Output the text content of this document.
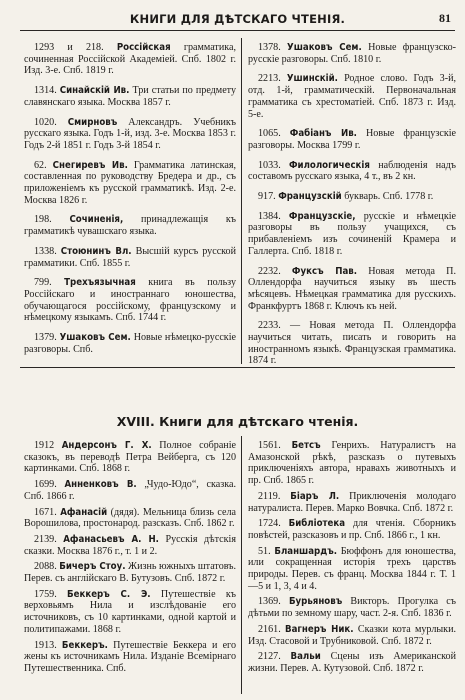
КНИГИ ДЛЯ ДѢТСКАГО ЧТЕНІЯ.	81

1293 и 218. Россійская грамматика, сочиненная Россійской Академіей. Спб. 1802 г. Изд. 3-е. Спб. 1819 г.

1314. Синайскій Ив. Три статьи по предмету славянскаго языка. Москва 1857 г.

1020. Смирновъ Александръ. Учебникъ русскаго языка. Годъ 1-й, изд. 3-е. Москва 1853 г. Годъ 2-й 1851 г. Годъ 3-й 1854 г.

62. Снегиревъ Ив. Грамматика латинская, составленная по руководству Бредера и др., съ приложеніемъ къ русской грамматикѣ. Изд. 2-е. Москва 1826 г.

198. Сочиненія, принадлежащія къ грамматикѣ чувашскаго языка.

1338. Стоюнинъ Вл. Высшій курсъ русской грамматики. Спб. 1855 г.

799. Трехъязычная книга въ пользу Россійскаго и иностраннаго юношества, обучающагося россійскому, французскому и нѣмецкому языкамъ. Спб. 1744 г.

1379. Ушаковъ Сем. Новые нѣмецко-русскіе разговоры. Спб.

1378. Ушаковъ Сем. Новые французско-русскіе разговоры. Спб. 1810 г.

2213. Ушинскій. Родное слово. Годъ 3-й, отд. 1-й, грамматическій. Первоначальная грамматика съ хрестоматіей. Спб. 1873 г. Изд. 5-е.

1065. Фабіанъ Ив. Новые французскіе разговоры. Москва 1799 г.

1033. Филологическія наблюденія надъ составомъ русскаго языка, 4 т., въ 2 кн.

917. Французскій букварь. Спб. 1778 г.

1384. Французскіе, русскіе и нѣмецкіе разговоры въ пользу учащихся, съ прибавленіемъ изъ сочиненій Крамера и Галлерта. Спб. 1818 г.

2232. Фуксъ Пав. Новая метода П. Оллендорфа научиться языку въ шесть мѣсяцевъ. Нѣмецкая грамматика для русскихъ. Франкфуртъ 1868 г. Ключъ къ ней.

2233. — Новая метода П. Оллендорфа научиться читать, писать и говорить на иностранномъ языкѣ. Французская грамматика. 1874 г.

XVIII. Книги для дѣтскаго чтенія.

1912 Андерсонъ Г. Х. Полное собраніе сказокъ, въ переводѣ Петра Вейберга, съ 120 картинками. Спб. 1868 г.

1699. Анненковъ В. „Чудо-Юдо“, сказка. Спб. 1866 г.

1671. Афанасій (дядя). Мельница близь села Ворошилова, простонарод. разсказъ. Спб. 1862 г.

2139. Афанасьевъ А. Н. Русскія дѣтскія сказки. Москва 1876 г., т. 1 и 2.

2088. Бичеръ Стоу. Жизнь южныхъ штатовъ. Перев. съ англійскаго В. Бутузовъ. Спб. 1872 г.

1759. Беккеръ С. Э. Путешествіе къ верховьямъ Нила и изслѣдованіе его источниковъ, съ 10 картинками, одной картой и политипажами. 1868 г.

1913. Беккеръ. Путешествіе Беккера и его жены къ источникамъ Нила. Изданіе Всемірнаго Путешественника. Спб.

1561. Бетсъ Генрихъ. Натуралистъ на Амазонской рѣкѣ, разсказъ о путевыхъ приключеніяхъ автора, нравахъ животныхъ и пр. Спб. 1865 г.

2119. Біаръ Л. Приключенія молодаго натуралиста. Перев. Марко Вовчка. Спб. 1872 г.

1724. Библіотека для чтенія. Сборникъ повѣстей, разсказовъ и пр. Спб. 1866 г., 1 кн.

51. Бланшардъ. Бюффонъ для юношества, или сокращенная исторія трехъ царствъ природы. Перев. съ франц. Москва 1844 г. Т. 1—5 и 1, 3, 4 и 4.

1369. Бурьяновъ Викторъ. Прогулка съ дѣтьми по земному шару, част. 2-я. Спб. 1836 г.

2161. Вагнеръ Ник. Сказки кота мурлыки. Изд. Стасовой и Трубниковой. Спб. 1872 г.

2127. Вальи Сцены изъ Американской жизни. Перев. А. Кутузовой. Спб. 1872 г.
